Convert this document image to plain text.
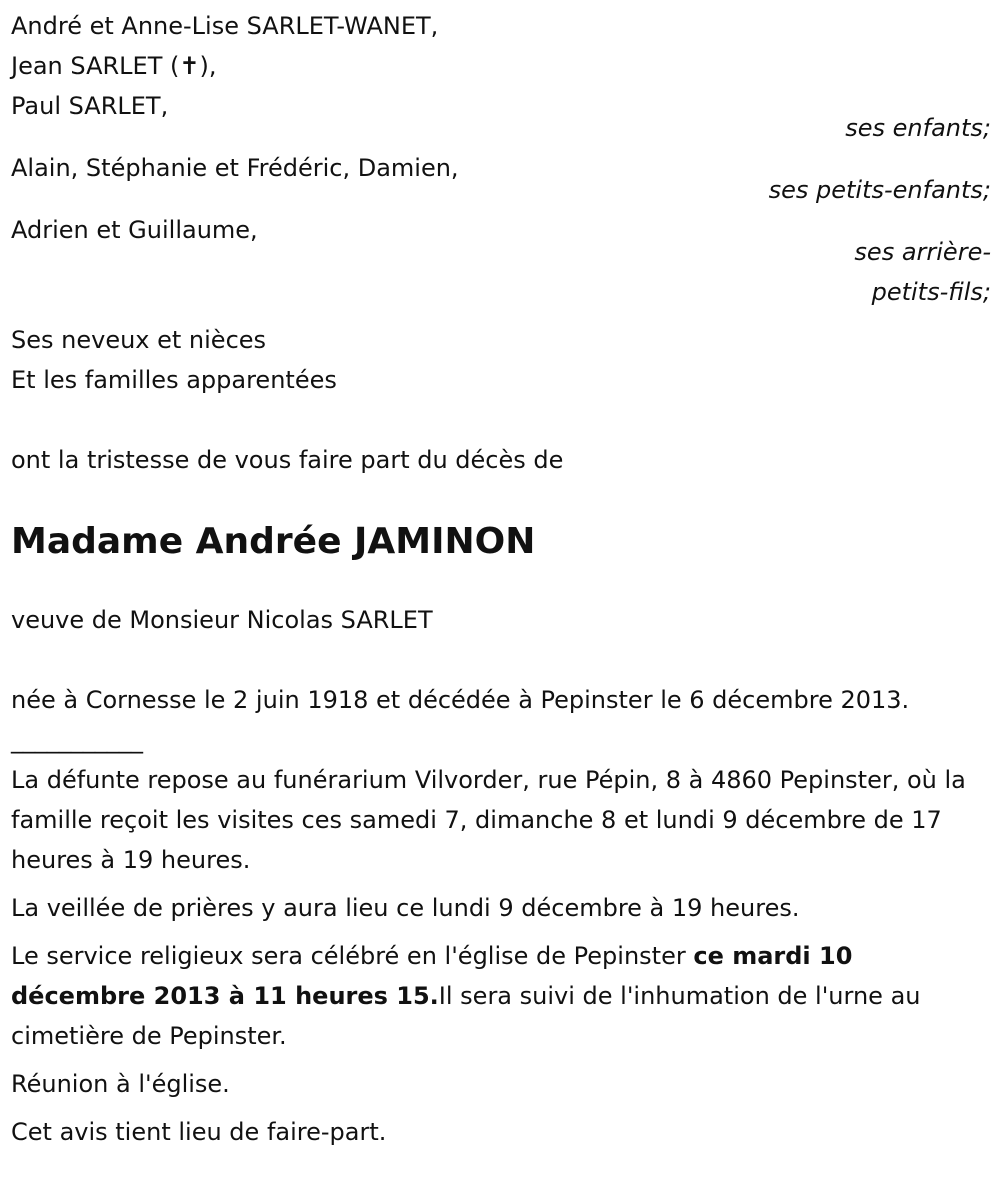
André et Anne-Lise SARLET-WANET,
Jean SARLET (✝),
Paul SARLET,
ses enfants;
Alain, Stéphanie et Frédéric, Damien,
ses petits-enfants;
Adrien et Guillaume,
ses arrière-
petits-fils;
Ses neveux et nièces
Et les familles apparentées
ont la tristesse de vous faire part du décès de
Madame Andrée JAMINON
veuve de Monsieur Nicolas SARLET
née à Cornesse le 2 juin 1918 et décédée à Pepinster le 6 décembre 2013.
___________

La défunte repose au funérarium Vilvorder, rue Pépin, 8 à 4860 Pepinster, où la famille reçoit les visites ces samedi 7, dimanche 8 et lundi 9 décembre de 17 heures à 19 heures.

La veillée de prières y aura lieu ce lundi 9 décembre à 19 heures.

Le service religieux sera célébré en l'église de Pepinster ce mardi 10 décembre 2013 à 11 heures 15.Il sera suivi de l'inhumation de l'urne au cimetière de Pepinster.

Réunion à l'église.

Cet avis tient lieu de faire-part.
